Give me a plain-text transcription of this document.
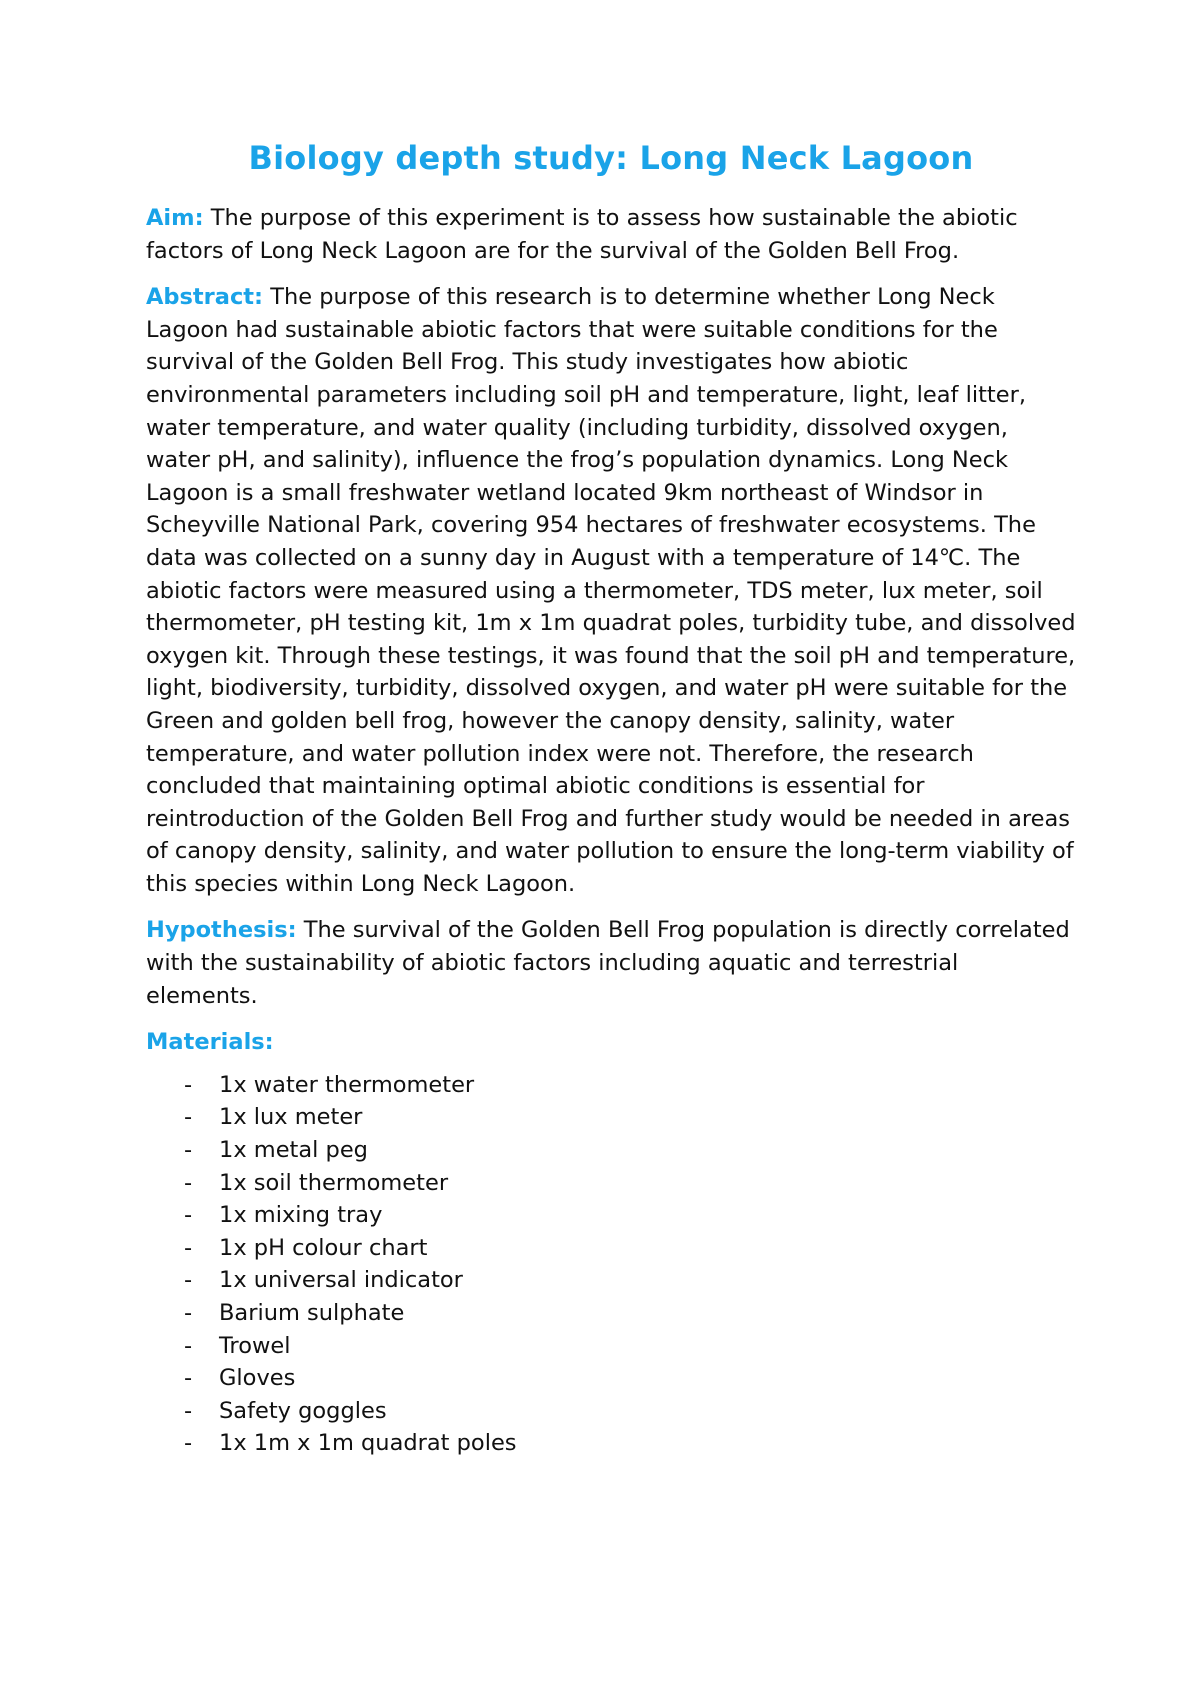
Biology depth study: Long Neck Lagoon

Aim: The purpose of this experiment is to assess how sustainable the abiotic factors of Long Neck Lagoon are for the survival of the Golden Bell Frog.

Abstract: The purpose of this research is to determine whether Long Neck Lagoon had sustainable abiotic factors that were suitable conditions for the survival of the Golden Bell Frog. This study investigates how abiotic environmental parameters including soil pH and temperature, light, leaf litter, water temperature, and water quality (including turbidity, dissolved oxygen, water pH, and salinity), influence the frog’s population dynamics. Long Neck Lagoon is a small freshwater wetland located 9km northeast of Windsor in Scheyville National Park, covering 954 hectares of freshwater ecosystems. The data was collected on a sunny day in August with a temperature of 14℃. The abiotic factors were measured using a thermometer, TDS meter, lux meter, soil thermometer, pH testing kit, 1m x 1m quadrat poles, turbidity tube, and dissolved oxygen kit. Through these testings, it was found that the soil pH and temperature, light, biodiversity, turbidity, dissolved oxygen, and water pH were suitable for the Green and golden bell frog, however the canopy density, salinity, water temperature, and water pollution index were not. Therefore, the research concluded that maintaining optimal abiotic conditions is essential for reintroduction of the Golden Bell Frog and further study would be needed in areas of canopy density, salinity, and water pollution to ensure the long-term viability of this species within Long Neck Lagoon.

Hypothesis: The survival of the Golden Bell Frog population is directly correlated with the sustainability of abiotic factors including aquatic and terrestrial elements.

Materials:
-	1x water thermometer
-	1x lux meter
-	1x metal peg
-	1x soil thermometer
-	1x mixing tray
-	1x pH colour chart
-	1x universal indicator
-	Barium sulphate
-	Trowel
-	Gloves
-	Safety goggles
-	1x 1m x 1m quadrat poles
